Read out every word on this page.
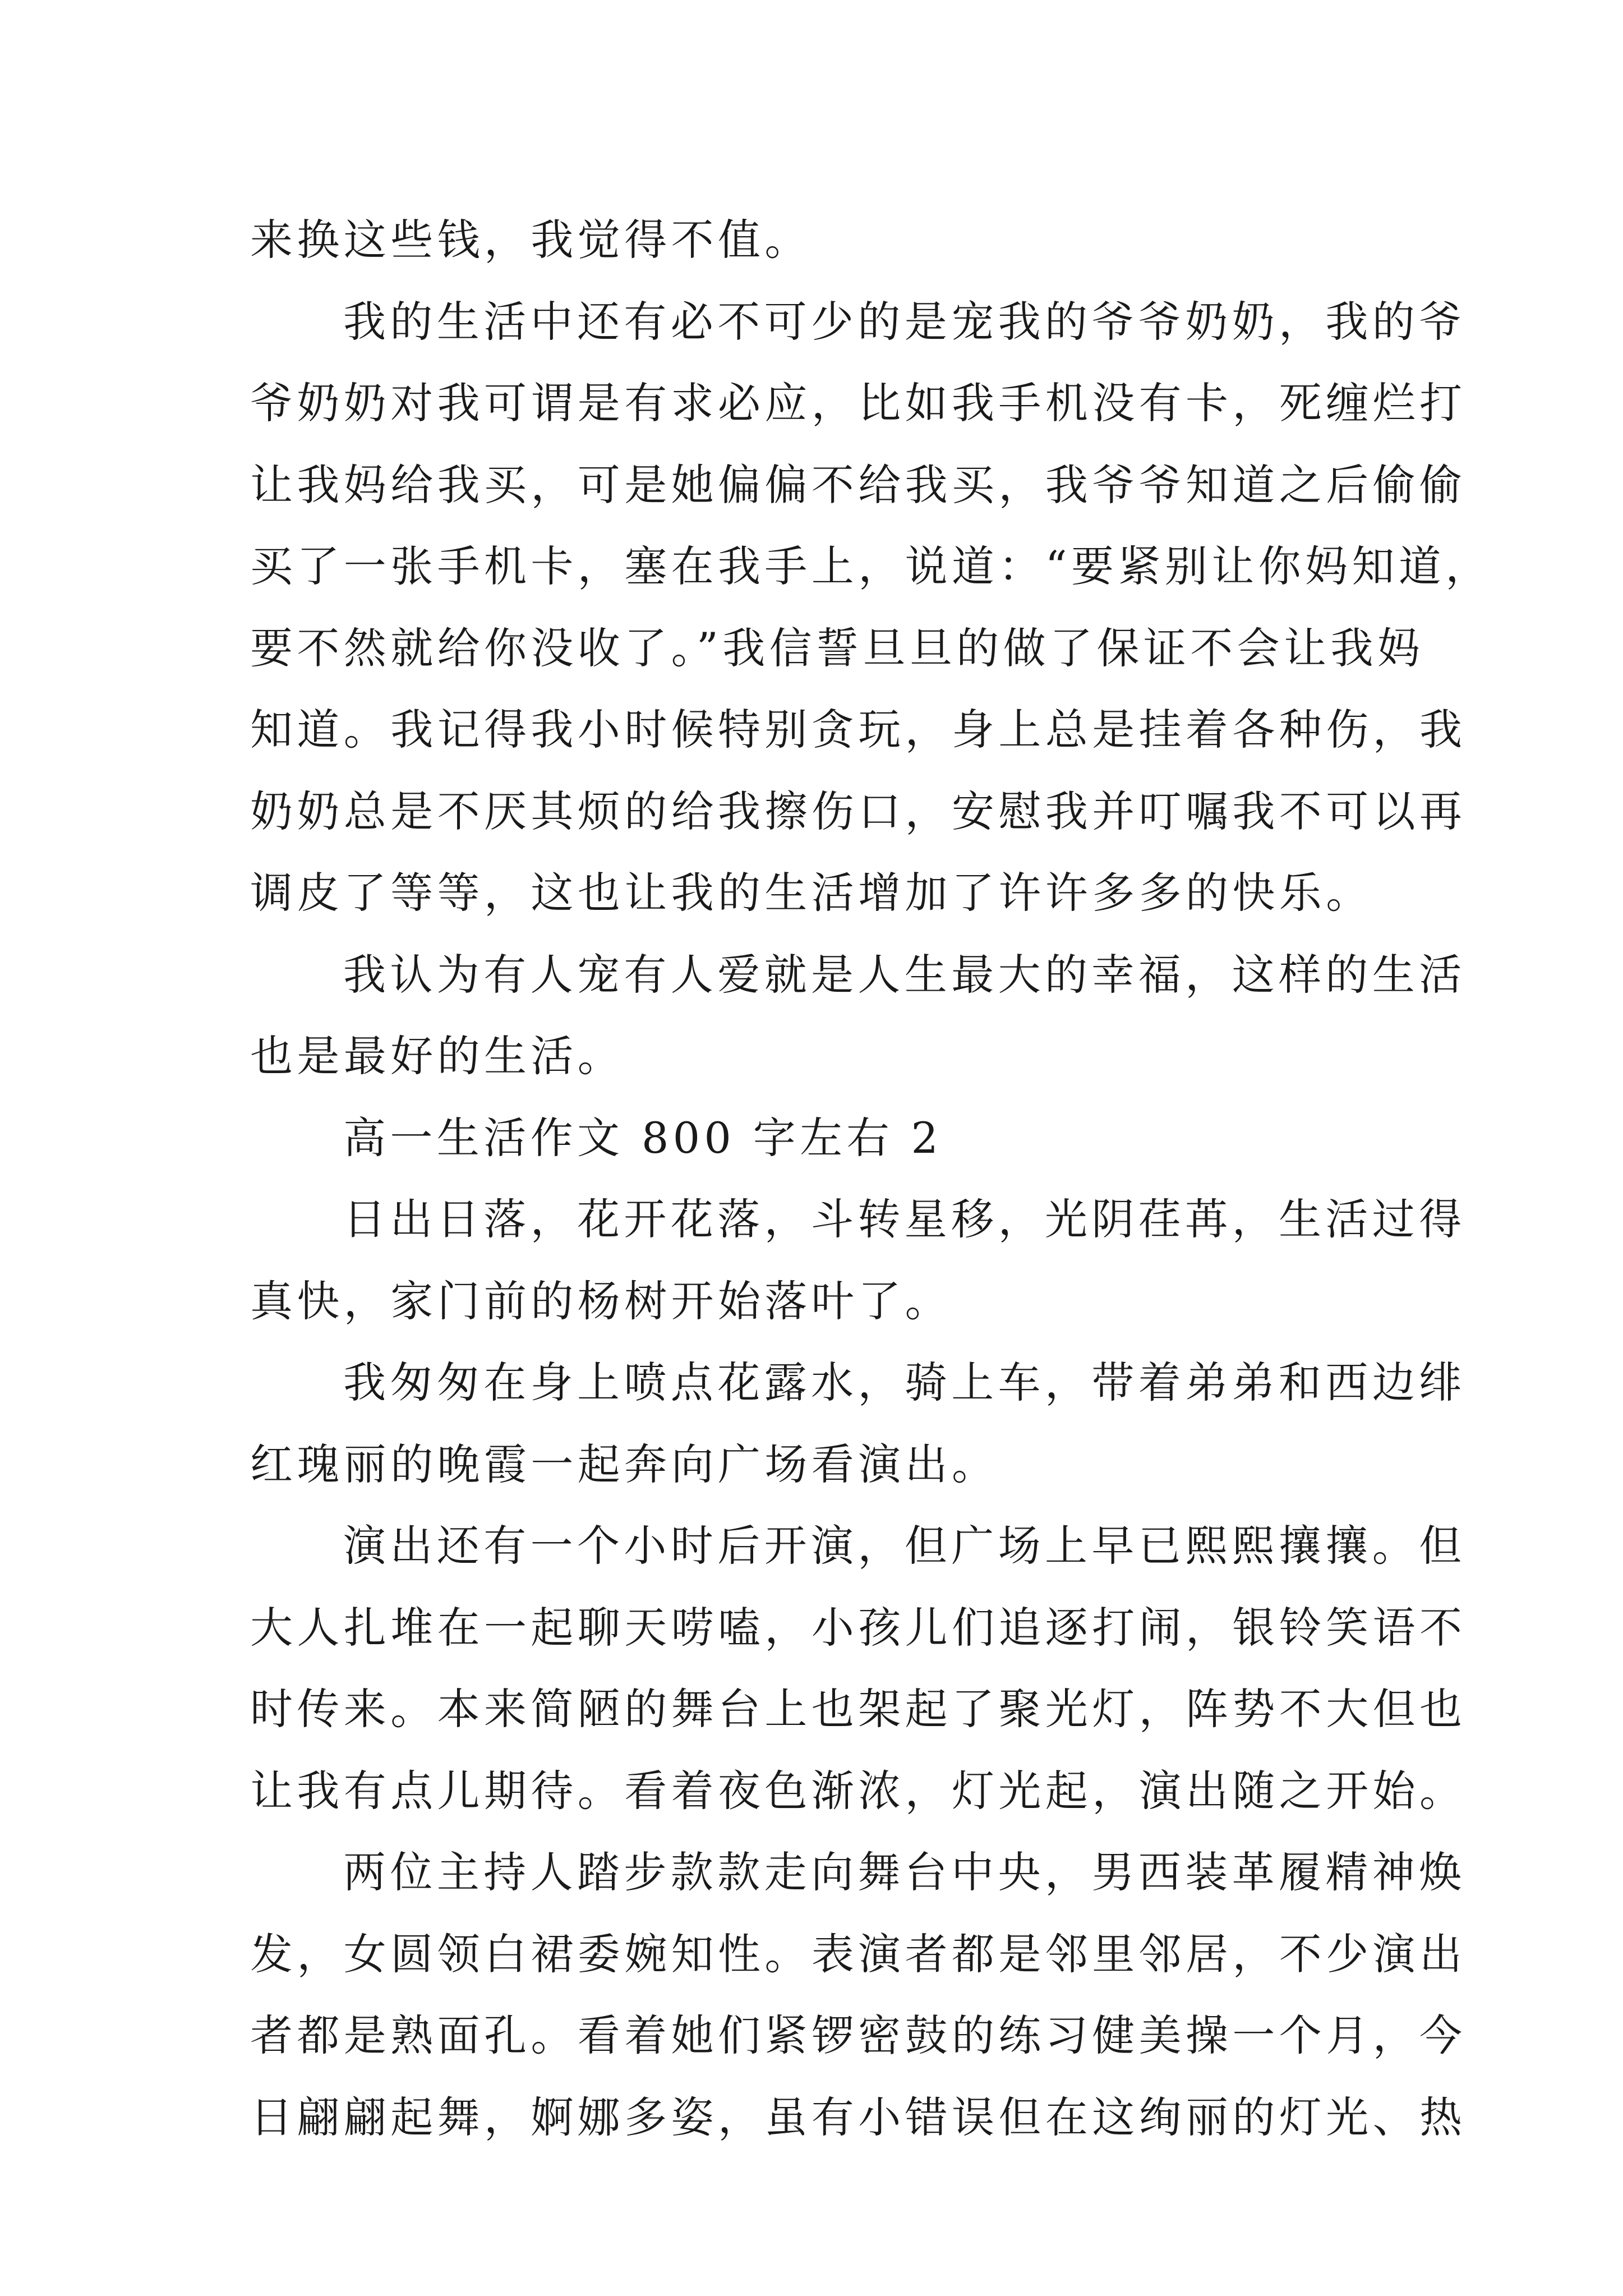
来换这些钱，我觉得不值。
我的生活中还有必不可少的是宠我的爷爷奶奶，我的爷
爷奶奶对我可谓是有求必应，比如我手机没有卡，死缠烂打
让我妈给我买，可是她偏偏不给我买，我爷爷知道之后偷偷
买了一张手机卡，塞在我手上，说道：“要紧别让你妈知道，
要不然就给你没收了。”我信誓旦旦的做了保证不会让我妈
知道。我记得我小时候特别贪玩，身上总是挂着各种伤，我
奶奶总是不厌其烦的给我擦伤口，安慰我并叮嘱我不可以再
调皮了等等，这也让我的生活增加了许许多多的快乐。
我认为有人宠有人爱就是人生最大的幸福，这样的生活
也是最好的生活。
高一生活作文 800 字左右 2
日出日落，花开花落，斗转星移，光阴荏苒，生活过得
真快，家门前的杨树开始落叶了。
我匆匆在身上喷点花露水，骑上车，带着弟弟和西边绯
红瑰丽的晚霞一起奔向广场看演出。
演出还有一个小时后开演，但广场上早已熙熙攘攘。但
大人扎堆在一起聊天唠嗑，小孩儿们追逐打闹，银铃笑语不
时传来。本来简陋的舞台上也架起了聚光灯，阵势不大但也
让我有点儿期待。看着夜色渐浓，灯光起，演出随之开始。
两位主持人踏步款款走向舞台中央，男西装革履精神焕
发，女圆领白裙委婉知性。表演者都是邻里邻居，不少演出
者都是熟面孔。看着她们紧锣密鼓的练习健美操一个月，今
日翩翩起舞，婀娜多姿，虽有小错误但在这绚丽的灯光、热
